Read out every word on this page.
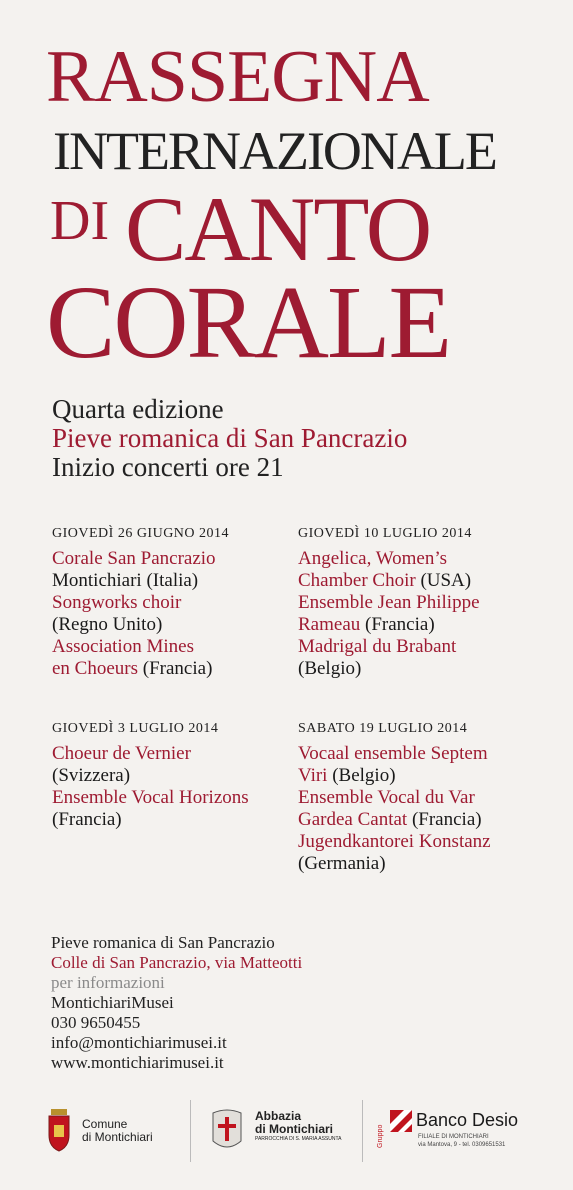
RASSEGNA
INTERNAZIONALE
DI CANTO
CORALE
Quarta edizione
Pieve romanica di San Pancrazio
Inizio concerti ore 21
GIOVEDÌ 26 GIUGNO 2014
Corale San Pancrazio
Montichiari (Italia)
Songworks choir
(Regno Unito)
Association Mines
en Choeurs (Francia)
GIOVEDÌ 10 LUGLIO 2014
Angelica, Women’s
Chamber Choir (USA)
Ensemble Jean Philippe
Rameau (Francia)
Madrigal du Brabant
(Belgio)
GIOVEDÌ 3 LUGLIO 2014
Choeur de Vernier
(Svizzera)
Ensemble Vocal Horizons
(Francia)
SABATO 19 LUGLIO 2014
Vocaal ensemble Septem
Viri (Belgio)
Ensemble Vocal du Var
Gardea Cantat (Francia)
Jugendkantorei Konstanz
(Germania)
Pieve romanica di San Pancrazio
Colle di San Pancrazio, via Matteotti
per informazioni
MontichiariMusei
030 9650455
info@montichiarimusei.it
www.montichiarimusei.it
Comune
di Montichiari
Abbazia
di Montichiari
PARROCCHIA DI S. MARIA ASSUNTA	Gruppo
Banco Desio
FILIALE DI MONTICHIARI
via Mantova, 9 - tel. 0309651531
